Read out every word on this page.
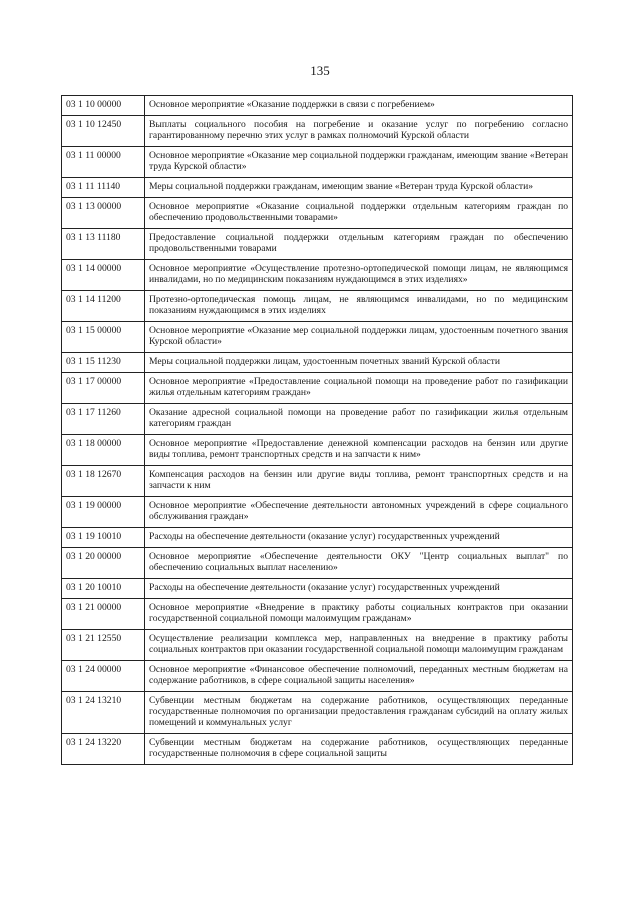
135
03 1 10 00000	Основное мероприятие «Оказание поддержки в связи с погребением»
03 1 10 12450	Выплаты социального пособия на погребение и оказание услуг по погребению согласно гарантированному перечню этих услуг в рамках полномочий Курской области
03 1 11 00000	Основное мероприятие «Оказание мер социальной поддержки гражданам, имеющим звание «Ветеран труда Курской области»
03 1 11 11140	Меры социальной поддержки гражданам, имеющим звание «Ветеран труда Курской области»
03 1 13 00000	Основное мероприятие «Оказание социальной поддержки отдельным категориям граждан по обеспечению продовольственными товарами»
03 1 13 11180	Предоставление социальной поддержки отдельным категориям граждан по обеспечению продовольственными товарами
03 1 14 00000	Основное мероприятие «Осуществление протезно-ортопедической помощи лицам, не являющимся инвалидами, но по медицинским показаниям нуждающимся в этих изделиях»
03 1 14 11200	Протезно-ортопедическая помощь лицам, не являющимся инвалидами, но по медицинским показаниям нуждающимся в этих изделиях
03 1 15 00000	Основное мероприятие «Оказание мер социальной поддержки лицам, удостоенным почетного звания Курской области»
03 1 15 11230	Меры социальной поддержки лицам, удостоенным почетных званий Курской области
03 1 17 00000	Основное мероприятие «Предоставление социальной помощи на проведение работ по газификации жилья отдельным категориям граждан»
03 1 17 11260	Оказание адресной социальной помощи на проведение работ по газификации жилья отдельным категориям граждан
03 1 18 00000	Основное мероприятие «Предоставление денежной компенсации расходов на бензин или другие виды топлива, ремонт транспортных средств и на запчасти к ним»
03 1 18 12670	Компенсация расходов на бензин или другие виды топлива, ремонт транспортных средств и на запчасти к ним
03 1 19 00000	Основное мероприятие «Обеспечение деятельности автономных учреждений в сфере социального обслуживания граждан»
03 1 19 10010	Расходы на обеспечение деятельности (оказание услуг) государственных учреждений
03 1 20 00000	Основное мероприятие «Обеспечение деятельности ОКУ "Центр социальных выплат" по обеспечению социальных выплат населению»
03 1 20 10010	Расходы на обеспечение деятельности (оказание услуг) государственных учреждений
03 1 21 00000	Основное мероприятие «Внедрение в практику работы социальных контрактов при оказании государственной социальной помощи малоимущим гражданам»
03 1 21 12550	Осуществление реализации комплекса мер, направленных на внедрение в практику работы социальных контрактов при оказании государственной социальной помощи малоимущим гражданам
03 1 24 00000	Основное мероприятие «Финансовое обеспечение полномочий, переданных местным бюджетам на содержание работников, в сфере социальной защиты населения»
03 1 24 13210	Субвенции местным бюджетам на содержание работников, осуществляющих переданные государственные полномочия по организации предоставления гражданам субсидий на оплату жилых помещений и коммунальных услуг
03 1 24 13220	Субвенции местным бюджетам на содержание работников, осуществляющих переданные государственные полномочия в сфере социальной защиты
